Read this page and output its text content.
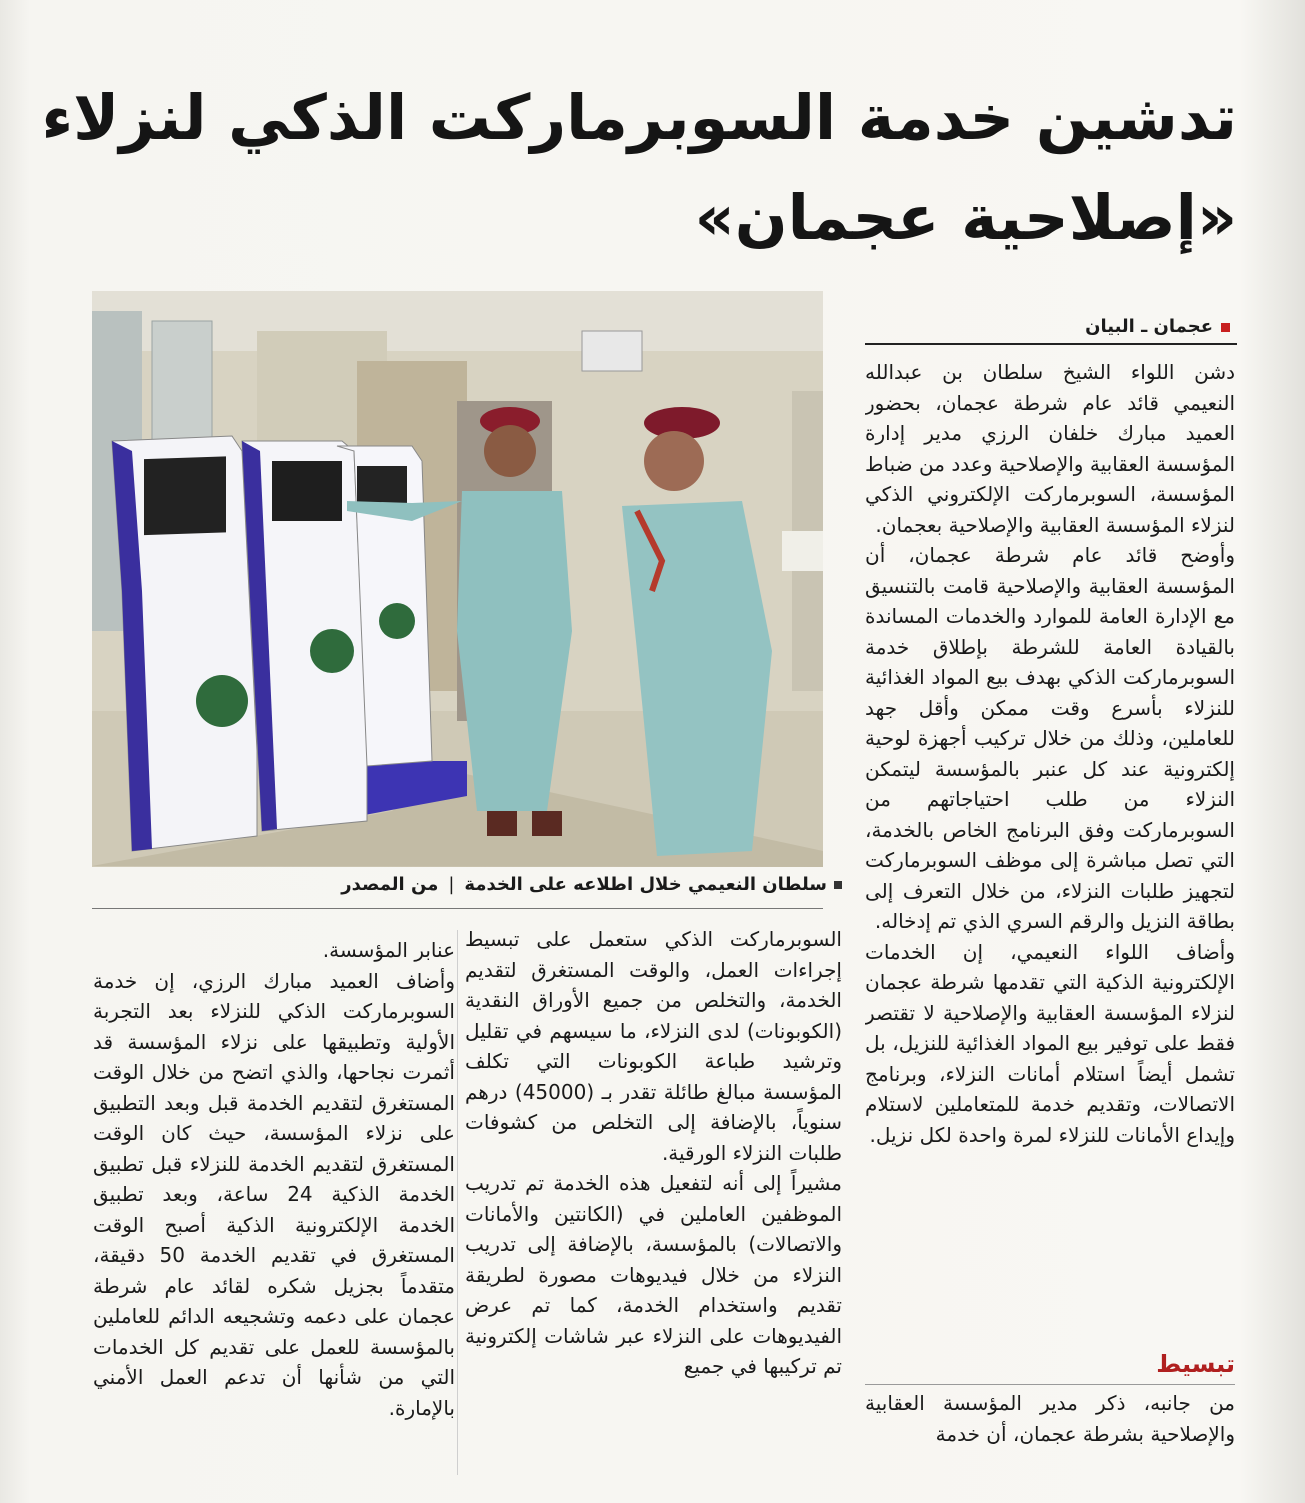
تدشين خدمة السوبرماركت الذكي لنزلاء
«إصلاحية عجمان»
عجمان ـ البيان

دشن اللواء الشيخ سلطان بن عبدالله النعيمي قائد عام شرطة عجمان، بحضور العميد مبارك خلفان الرزي مدير إدارة المؤسسة العقابية والإصلاحية وعدد من ضباط المؤسسة، السوبرماركت الإلكتروني الذكي لنزلاء المؤسسة العقابية والإصلاحية بعجمان.

وأوضح قائد عام شرطة عجمان، أن المؤسسة العقابية والإصلاحية قامت بالتنسيق مع الإدارة العامة للموارد والخدمات المساندة بالقيادة العامة للشرطة بإطلاق خدمة السوبرماركت الذكي بهدف بيع المواد الغذائية للنزلاء بأسرع وقت ممكن وأقل جهد للعاملين، وذلك من خلال تركيب أجهزة لوحية إلكترونية عند كل عنبر بالمؤسسة ليتمكن النزلاء من طلب احتياجاتهم من السوبرماركت وفق البرنامج الخاص بالخدمة، التي تصل مباشرة إلى موظف السوبرماركت لتجهيز طلبات النزلاء، من خلال التعرف إلى بطاقة النزيل والرقم السري الذي تم إدخاله.

وأضاف اللواء النعيمي، إن الخدمات الإلكترونية الذكية التي تقدمها شرطة عجمان لنزلاء المؤسسة العقابية والإصلاحية لا تقتصر فقط على توفير بيع المواد الغذائية للنزيل، بل تشمل أيضاً استلام أمانات النزلاء، وبرنامج الاتصالات، وتقديم خدمة للمتعاملين لاستلام وإيداع الأمانات للنزلاء لمرة واحدة لكل نزيل.

تبسيط

من جانبه، ذكر مدير المؤسسة العقابية والإصلاحية بشرطة عجمان، أن خدمة

سلطان النعيمي خلال اطلاعه على الخدمة|من المصدر

السوبرماركت الذكي ستعمل على تبسيط إجراءات العمل، والوقت المستغرق لتقديم الخدمة، والتخلص من جميع الأوراق النقدية (الكوبونات) لدى النزلاء، ما سيسهم في تقليل وترشيد طباعة الكوبونات التي تكلف المؤسسة مبالغ طائلة تقدر بـ (45000) درهم سنوياً، بالإضافة إلى التخلص من كشوفات طلبات النزلاء الورقية.

مشيراً إلى أنه لتفعيل هذه الخدمة تم تدريب الموظفين العاملين في (الكانتين والأمانات والاتصالات) بالمؤسسة، بالإضافة إلى تدريب النزلاء من خلال فيديوهات مصورة لطريقة تقديم واستخدام الخدمة، كما تم عرض الفيديوهات على النزلاء عبر شاشات إلكترونية تم تركيبها في جميع

عنابر المؤسسة.

وأضاف العميد مبارك الرزي، إن خدمة السوبرماركت الذكي للنزلاء بعد التجربة الأولية وتطبيقها على نزلاء المؤسسة قد أثمرت نجاحها، والذي اتضح من خلال الوقت المستغرق لتقديم الخدمة قبل وبعد التطبيق على نزلاء المؤسسة، حيث كان الوقت المستغرق لتقديم الخدمة للنزلاء قبل تطبيق الخدمة الذكية 24 ساعة، وبعد تطبيق الخدمة الإلكترونية الذكية أصبح الوقت المستغرق في تقديم الخدمة 50 دقيقة، متقدماً بجزيل شكره لقائد عام شرطة عجمان على دعمه وتشجيعه الدائم للعاملين بالمؤسسة للعمل على تقديم كل الخدمات التي من شأنها أن تدعم العمل الأمني بالإمارة.
